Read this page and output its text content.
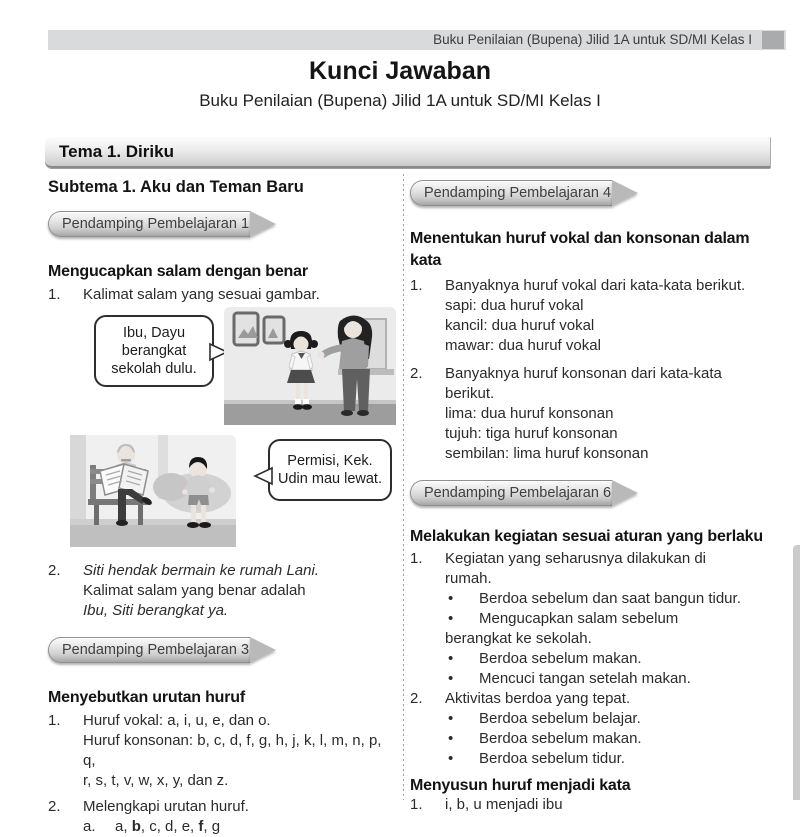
Buku Penilaian (Bupena) Jilid 1A untuk SD/MI Kelas I
Kunci Jawaban
Buku Penilaian (Bupena) Jilid 1A untuk SD/MI Kelas I
Tema 1. Diriku
Subtema 1. Aku dan Teman Baru
Pendamping Pembelajaran 1
Mengucapkan salam dengan benar
1.	Kalimat salam yang sesuai gambar.
Ibu, Dayu berangkat sekolah dulu.
Permisi, Kek. Udin mau lewat.
2.	Siti hendak bermain ke rumah Lani.
Kalimat salam yang benar adalah
Ibu, Siti berangkat ya.
Pendamping Pembelajaran 3
Menyebutkan urutan huruf
1.	Huruf vokal: a, i, u, e, dan o.
Huruf konsonan: b, c, d, f, g, h, j, k, l, m, n, p, q,
r, s, t, v, w, x, y, dan z.
2.	Melengkapi urutan huruf.
a.	a, b, c, d, e, f, g
Pendamping Pembelajaran 4
Menentukan huruf vokal dan konsonan dalam
kata
1.	Banyaknya huruf vokal dari kata-kata berikut.
sapi: dua huruf vokal
kancil: dua huruf vokal
mawar: dua huruf vokal
2.	Banyaknya huruf konsonan dari kata-kata
berikut.
lima: dua huruf konsonan
tujuh: tiga huruf konsonan
sembilan: lima huruf konsonan
Pendamping Pembelajaran 6
Melakukan kegiatan sesuai aturan yang berlaku
1.	Kegiatan yang seharusnya dilakukan di
rumah.
•	Berdoa sebelum dan saat bangun tidur.
•	Mengucapkan salam sebelum
berangkat ke sekolah.
•	Berdoa sebelum makan.
•	Mencuci tangan setelah makan.
2.	Aktivitas berdoa yang tepat.
•	Berdoa sebelum belajar.
•	Berdoa sebelum makan.
•	Berdoa sebelum tidur.
Menyusun huruf menjadi kata
1.	i, b, u menjadi ibu
